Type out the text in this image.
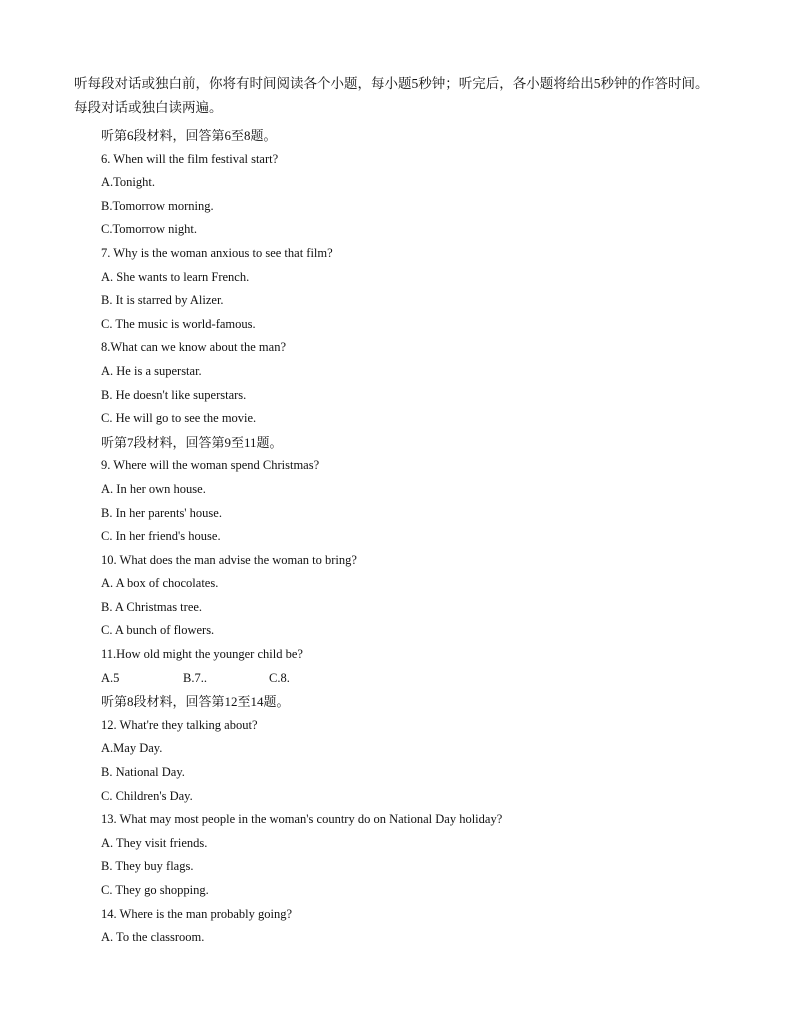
听每段对话或独白前，你将有时间阅读各个小题，每小题5秒钟；听完后，各小题将给出5秒钟的作答时间。
每段对话或独白读两遍。
听第6段材料，回答第6至8题。
6. When will the film festival start?
A.Tonight.
B.Tomorrow morning.
C.Tomorrow night.
7. Why is the woman anxious to see that film?
A. She wants to learn French.
B. It is starred by Alizer.
C. The music is world-famous.
8.What can we know about the man?
A. He is a superstar.
B. He doesn't like superstars.
C. He will go to see the movie.
听第7段材料，回答第9至11题。
9. Where will the woman spend Christmas?
A. In her own house.
B. In her parents' house.
C. In her friend's house.
10. What does the man advise the woman to bring?
A. A box of chocolates.
B. A Christmas tree.
C. A bunch of flowers.
11.How old might the younger child be?
A.5	B.7..	C.8.
听第8段材料，回答第12至14题。
12. What're they talking about?
A.May Day.
B. National Day.
C. Children's Day.
13. What may most people in the woman's country do on National Day holiday?
A. They visit friends.
B. They buy flags.
C. They go shopping.
14. Where is the man probably going?
A. To the classroom.
